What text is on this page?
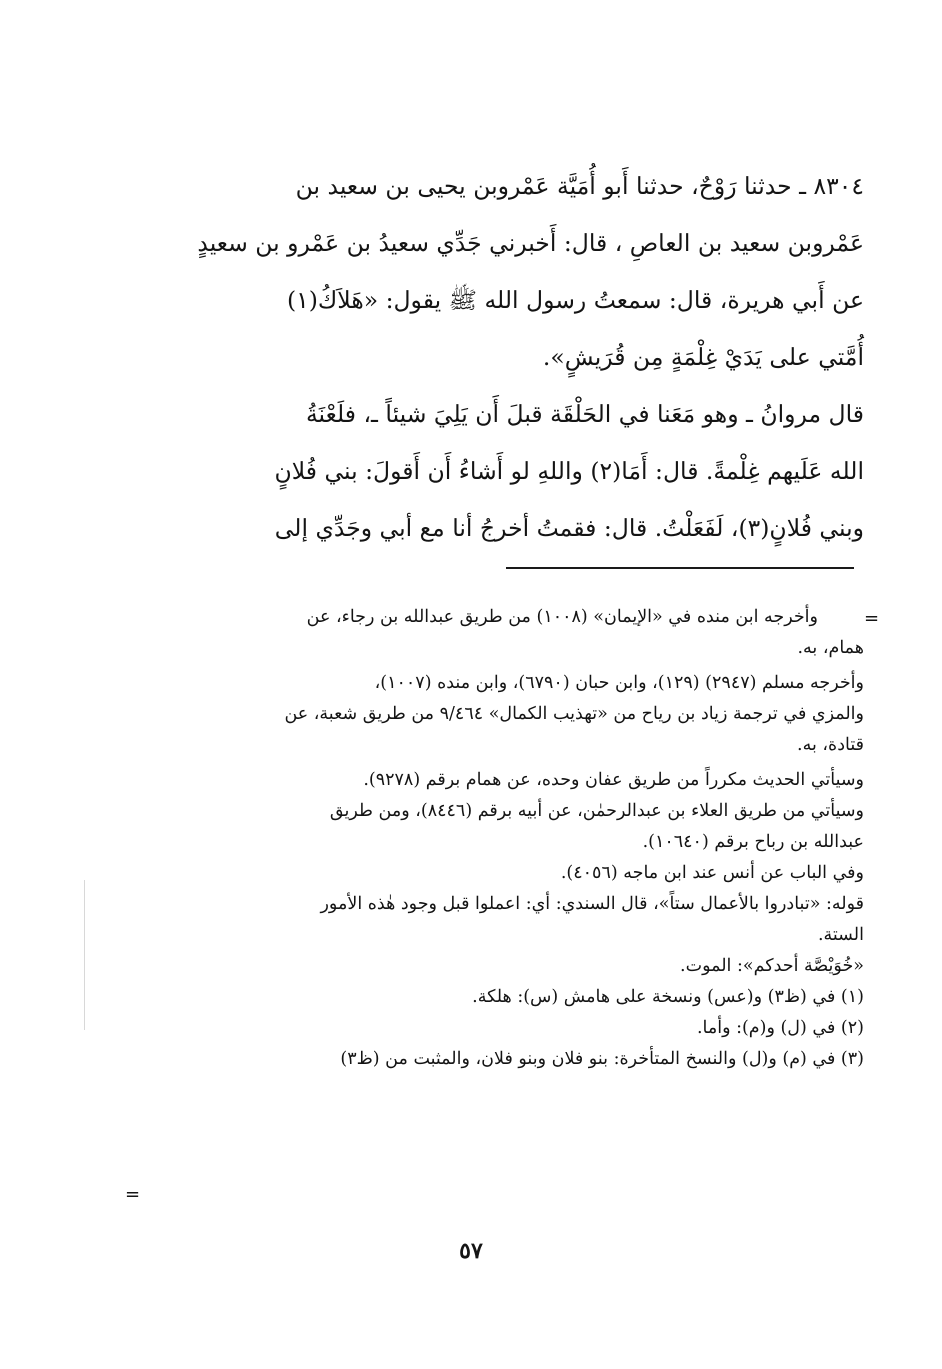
٨٣٠٤ ـ حدثنا رَوْحٌ، حدثنا أَبو أُمَيَّة عَمْروبن يحيى بن سعيد بن
عَمْروبن سعيد بن العاصِ ، قال: أَخبرني جَدِّي سعيدُ بن عَمْرو بن سعيدٍ
عن أَبي هريرة، قال: سمعتُ رسول الله ﷺ يقول: «هَلاَكُ(١)
أُمَّتي على يَدَيْ غِلْمَةٍ مِن قُرَيشٍ».
قال مروانُ ـ وهو مَعَنا في الحَلْقَة قبلَ أَن يَلِيَ شيئاً ـ، فلَعْنَةُ
الله عَلَيهم غِلْمةً. قال: أَمَا(٢) واللهِ لو أَشاءُ أَن أَقولَ: بني فُلانٍ
وبني فُلانٍ(٣)، لَفَعَلْتُ. قال: فقمتُ أخرجُ أنا مع أبي وجَدِّي إلى
=
وأخرجه ابن منده في «الإيمان» (١٠٠٨) من طريق عبدالله بن رجاء، عن
همام، به.
وأخرجه مسلم (٢٩٤٧) (١٢٩)، وابن حبان (٦٧٩٠)، وابن منده (١٠٠٧)،
والمزي في ترجمة زياد بن رياح من «تهذيب الكمال» ٩/٤٦٤ من طريق شعبة، عن
قتادة، به.
وسيأتي الحديث مكرراً من طريق عفان وحده، عن همام برقم (٩٢٧٨).
وسيأتي من طريق العلاء بن عبدالرحمٰن، عن أبيه برقم (٨٤٤٦)، ومن طريق
عبدالله بن رباح برقم (١٠٦٤٠).
وفي الباب عن أنس عند ابن ماجه (٤٠٥٦).
قوله: «تبادروا بالأعمال ستاً»، قال السندي: أي: اعملوا قبل وجود هٰذه الأمور
الستة.
«خُوَيْصَّة أحدكم»: الموت.
(١) في (ظ٣) و(عس) ونسخة على هامش (س): هلكة.
(٢) في (ل) و(م): وأما.
(٣) في (م) و(ل) والنسخ المتأخرة: بنو فلان وبنو فلان، والمثبت من (ظ٣)
=
٥٧
